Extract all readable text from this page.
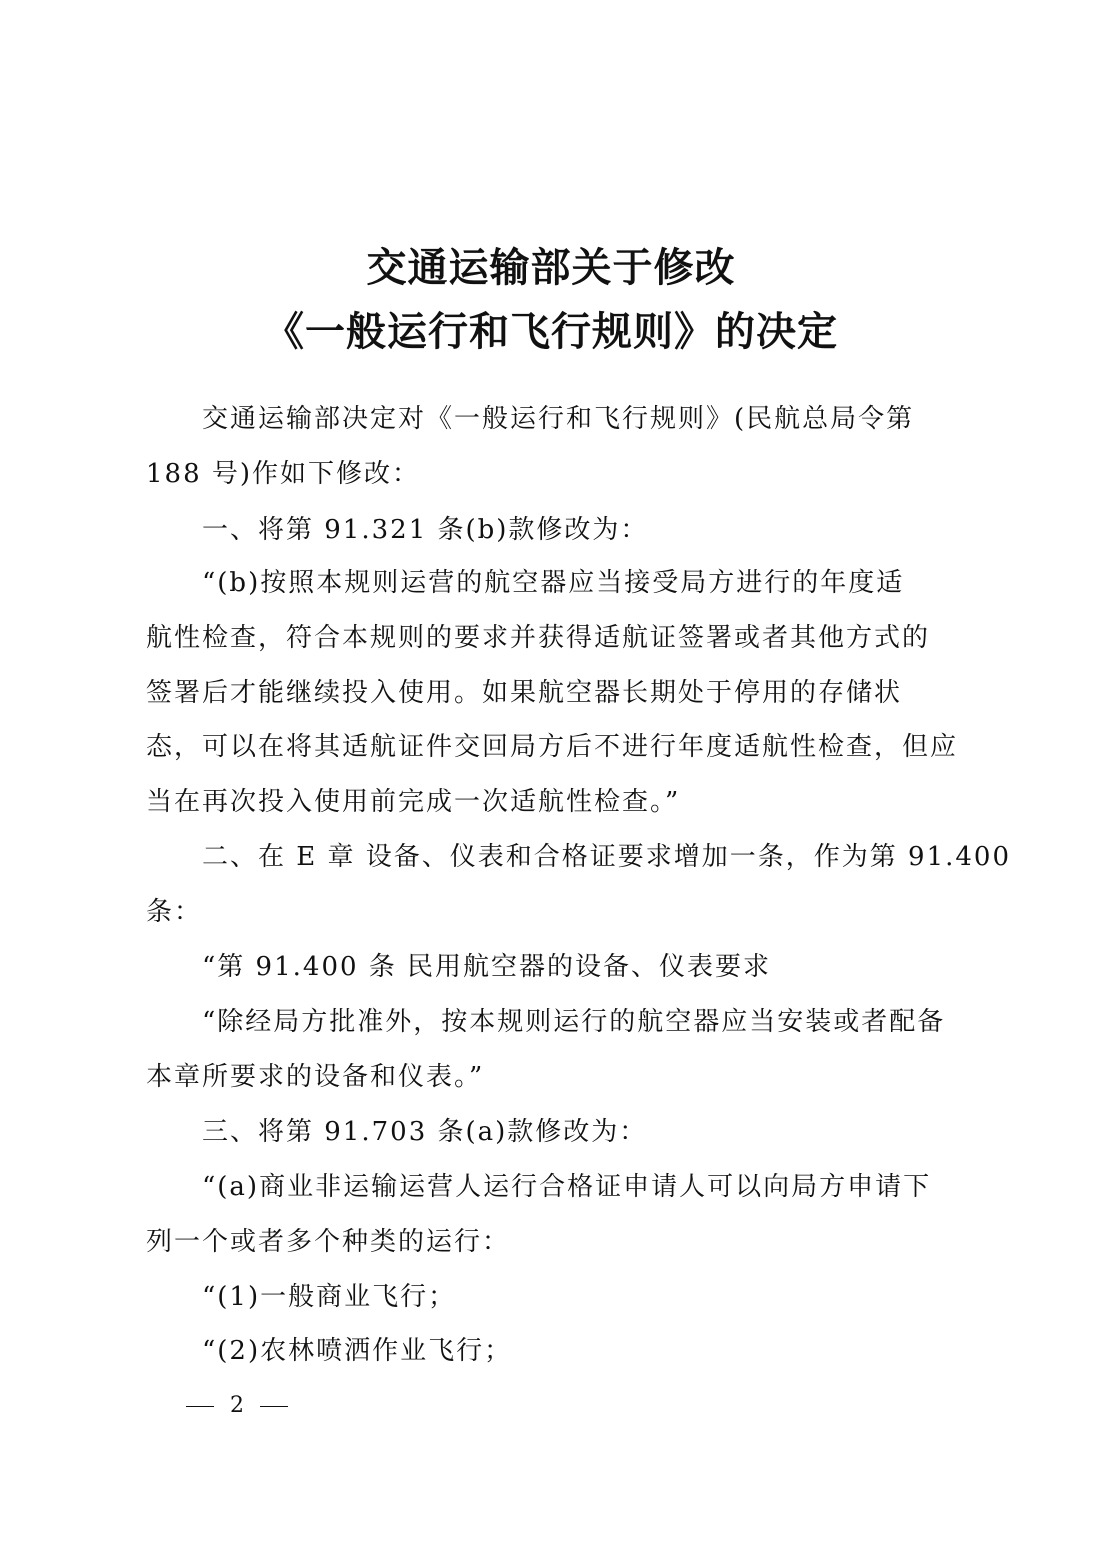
交通运输部关于修改
《一般运行和飞行规则》的决定
交通运输部决定对《一般运行和飞行规则》(民航总局令第
188 号)作如下修改：
一、将第 91.321 条(b)款修改为：
“(b)按照本规则运营的航空器应当接受局方进行的年度适
航性检查，符合本规则的要求并获得适航证签署或者其他方式的
签署后才能继续投入使用。如果航空器长期处于停用的存储状
态，可以在将其适航证件交回局方后不进行年度适航性检查，但应
当在再次投入使用前完成一次适航性检查。”
二、在 E 章 设备、仪表和合格证要求增加一条，作为第 91.400
条：
“第 91.400 条 民用航空器的设备、仪表要求
“除经局方批准外，按本规则运行的航空器应当安装或者配备
本章所要求的设备和仪表。”
三、将第 91.703 条(a)款修改为：
“(a)商业非运输运营人运行合格证申请人可以向局方申请下
列一个或者多个种类的运行：
“(1)一般商业飞行；
“(2)农林喷洒作业飞行；
2
